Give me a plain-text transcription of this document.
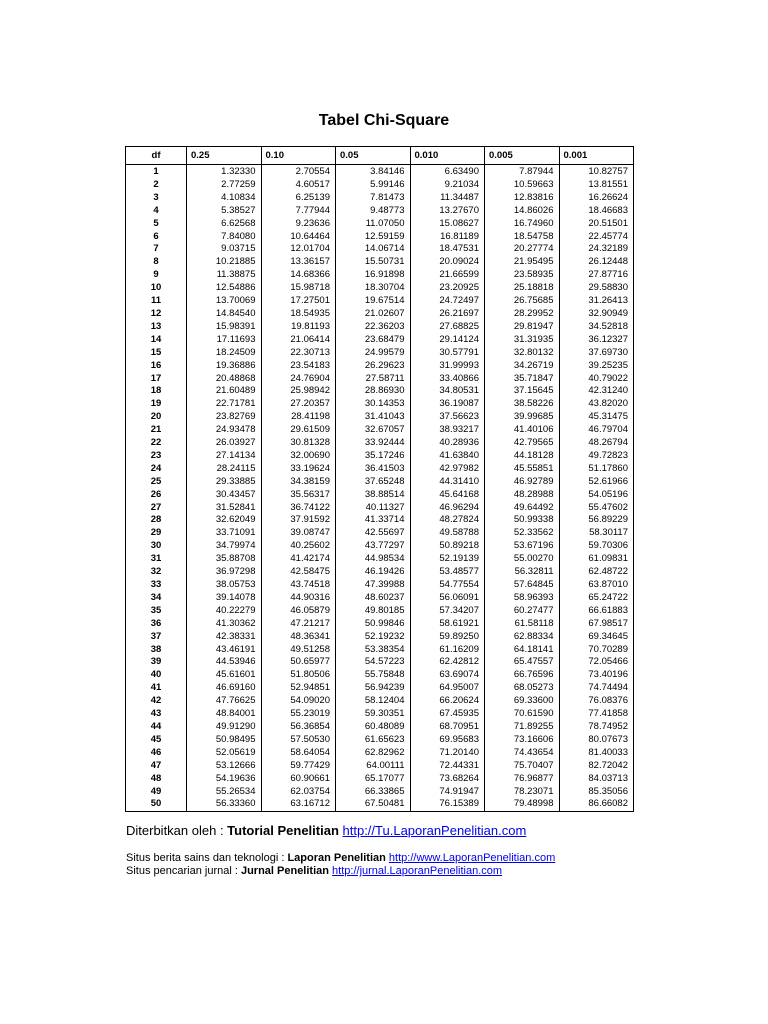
Tabel Chi-Square
df	0.25	0.10	0.05	0.010	0.005	0.001
1	1.32330	2.70554	3.84146	6.63490	7.87944	10.82757
2	2.77259	4.60517	5.99146	9.21034	10.59663	13.81551
3	4.10834	6.25139	7.81473	11.34487	12.83816	16.26624
4	5.38527	7.77944	9.48773	13.27670	14.86026	18.46683
5	6.62568	9.23636	11.07050	15.08627	16.74960	20.51501
6	7.84080	10.64464	12.59159	16.81189	18.54758	22.45774
7	9.03715	12.01704	14.06714	18.47531	20.27774	24.32189
8	10.21885	13.36157	15.50731	20.09024	21.95495	26.12448
9	11.38875	14.68366	16.91898	21.66599	23.58935	27.87716
10	12.54886	15.98718	18.30704	23.20925	25.18818	29.58830
11	13.70069	17.27501	19.67514	24.72497	26.75685	31.26413
12	14.84540	18.54935	21.02607	26.21697	28.29952	32.90949
13	15.98391	19.81193	22.36203	27.68825	29.81947	34.52818
14	17.11693	21.06414	23.68479	29.14124	31.31935	36.12327
15	18.24509	22.30713	24.99579	30.57791	32.80132	37.69730
16	19.36886	23.54183	26.29623	31.99993	34.26719	39.25235
17	20.48868	24.76904	27.58711	33.40866	35.71847	40.79022
18	21.60489	25.98942	28.86930	34.80531	37.15645	42.31240
19	22.71781	27.20357	30.14353	36.19087	38.58226	43.82020
20	23.82769	28.41198	31.41043	37.56623	39.99685	45.31475
21	24.93478	29.61509	32.67057	38.93217	41.40106	46.79704
22	26.03927	30.81328	33.92444	40.28936	42.79565	48.26794
23	27.14134	32.00690	35.17246	41.63840	44.18128	49.72823
24	28.24115	33.19624	36.41503	42.97982	45.55851	51.17860
25	29.33885	34.38159	37.65248	44.31410	46.92789	52.61966
26	30.43457	35.56317	38.88514	45.64168	48.28988	54.05196
27	31.52841	36.74122	40.11327	46.96294	49.64492	55.47602
28	32.62049	37.91592	41.33714	48.27824	50.99338	56.89229
29	33.71091	39.08747	42.55697	49.58788	52.33562	58.30117
30	34.79974	40.25602	43.77297	50.89218	53.67196	59.70306
31	35.88708	41.42174	44.98534	52.19139	55.00270	61.09831
32	36.97298	42.58475	46.19426	53.48577	56.32811	62.48722
33	38.05753	43.74518	47.39988	54.77554	57.64845	63.87010
34	39.14078	44.90316	48.60237	56.06091	58.96393	65.24722
35	40.22279	46.05879	49.80185	57.34207	60.27477	66.61883
36	41.30362	47.21217	50.99846	58.61921	61.58118	67.98517
37	42.38331	48.36341	52.19232	59.89250	62.88334	69.34645
38	43.46191	49.51258	53.38354	61.16209	64.18141	70.70289
39	44.53946	50.65977	54.57223	62.42812	65.47557	72.05466
40	45.61601	51.80506	55.75848	63.69074	66.76596	73.40196
41	46.69160	52.94851	56.94239	64.95007	68.05273	74.74494
42	47.76625	54.09020	58.12404	66.20624	69.33600	76.08376
43	48.84001	55.23019	59.30351	67.45935	70.61590	77.41858
44	49.91290	56.36854	60.48089	68.70951	71.89255	78.74952
45	50.98495	57.50530	61.65623	69.95683	73.16606	80.07673
46	52.05619	58.64054	62.82962	71.20140	74.43654	81.40033
47	53.12666	59.77429	64.00111	72.44331	75.70407	82.72042
48	54.19636	60.90661	65.17077	73.68264	76.96877	84.03713
49	55.26534	62.03754	66.33865	74.91947	78.23071	85.35056
50	56.33360	63.16712	67.50481	76.15389	79.48998	86.66082
Diterbitkan oleh : Tutorial Penelitian http://Tu.LaporanPenelitian.com
Situs berita sains dan teknologi : Laporan Penelitian http://www.LaporanPenelitian.com
Situs pencarian jurnal : Jurnal Penelitian http://jurnal.LaporanPenelitian.com
